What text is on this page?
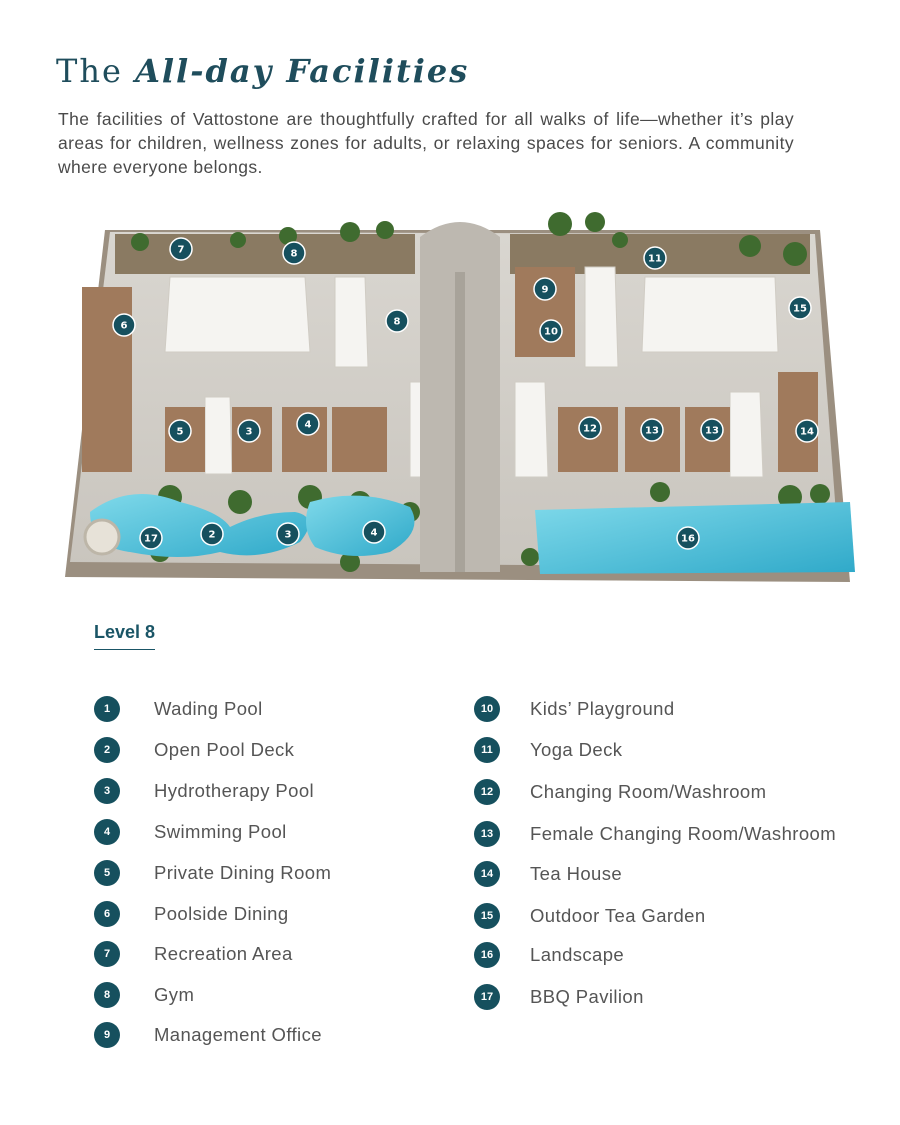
The All-day Facilities
The facilities of Vattostone are thoughtfully crafted for all walks of life—whether it’s play areas for children, wellness zones for adults, or relaxing spaces for seniors. A community where everyone belongs.
7	8
8
6
5	3
4
9
10
11
15
12	13	13	14
16
17	2	3	4
Level 8
1	Wading Pool
2	Open Pool Deck
3	Hydrotherapy Pool
4	Swimming Pool
5	Private Dining Room
6	Poolside Dining
7	Recreation Area
8	Gym
9	Management Office
10	Kids’ Playground
11	Yoga Deck
12	Changing Room/Washroom
13	Female Changing Room/Washroom
14	Tea House
15	Outdoor Tea Garden
16	Landscape
17	BBQ Pavilion
